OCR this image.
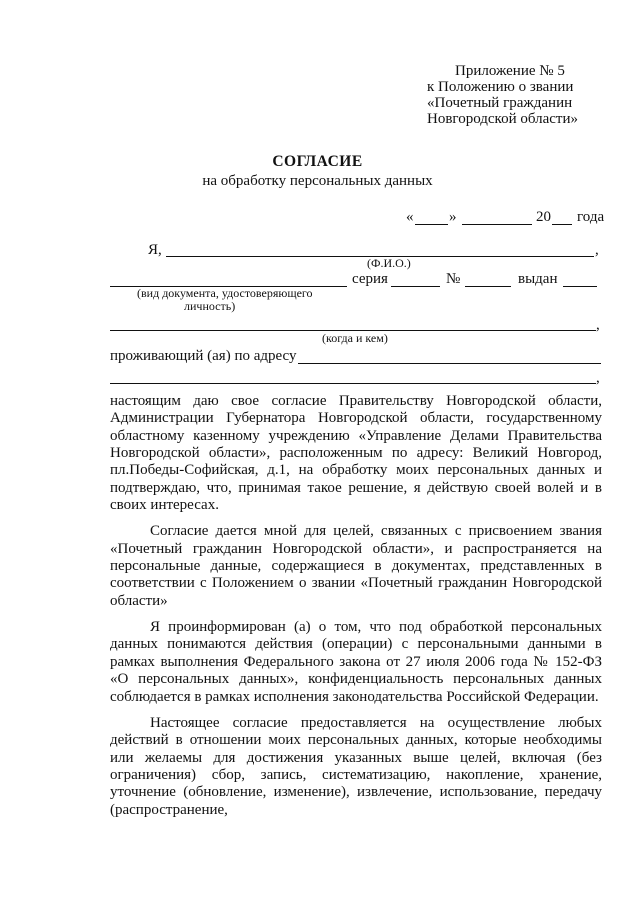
Приложение № 5
к Положению о звании
«Почетный гражданин
Новгородской области»
СОГЛАСИЕ
на обработку персональных данных
« »	20 года
Я,	,
(Ф.И.О.)
серия	№	выдан
(вид документа, удостоверяющего
личность)
,
(когда и кем)
проживающий (ая) по адресу
,

настоящим даю свое согласие Правительству Новгородской области, Администрации Губернатора Новгородской области, государственному областному казенному учреждению «Управление Делами Правительства Новгородской области», расположенным по адресу: Великий Новгород, пл.Победы-Софийская, д.1, на обработку моих персональных данных и подтверждаю, что, принимая такое решение, я действую своей волей и в своих интересах.

Согласие дается мной для целей, связанных с присвоением звания «Почетный гражданин Новгородской области», и распространяется на персональные данные, содержащиеся в документах, представленных в соответствии с Положением о звании «Почетный гражданин Новгородской области»

Я проинформирован (а) о том, что под обработкой персональных данных понимаются действия (операции) с персональными данными в рамках выполнения Федерального закона от 27 июля 2006 года № 152-ФЗ «О персональных данных», конфиденциальность персональных данных соблюдается в рамках исполнения законодательства Российской Федерации.

Настоящее согласие предоставляется на осуществление любых действий в отношении моих персональных данных, которые необходимы или желаемы для достижения указанных выше целей, включая (без ограничения) сбор, запись, систематизацию, накопление, хранение, уточнение (обновление, изменение), извлечение, использование, передачу (распространение,
